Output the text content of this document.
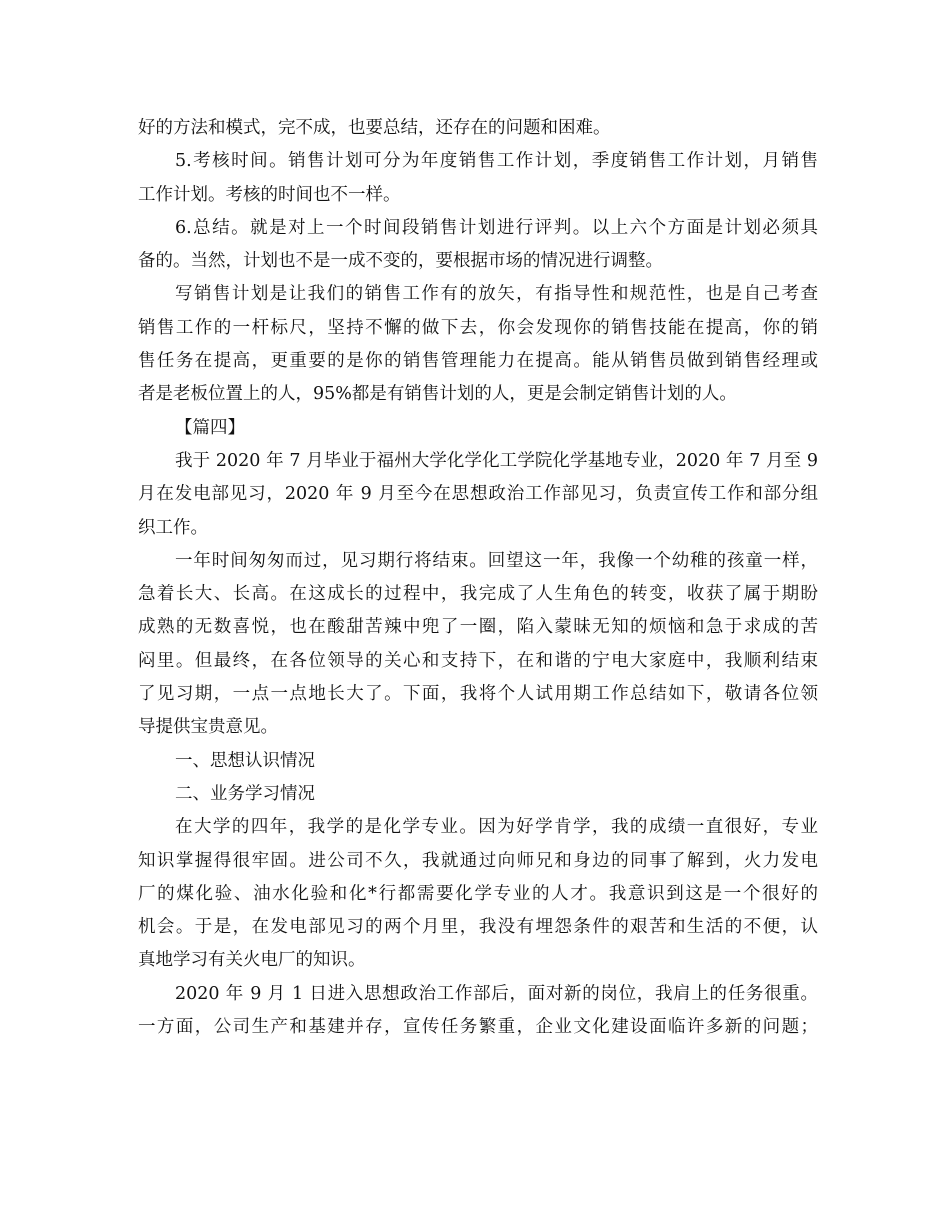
好的方法和模式，完不成，也要总结，还存在的问题和困难。
5.考核时间。销售计划可分为年度销售工作计划，季度销售工作计划，月销售
工作计划。考核的时间也不一样。
6.总结。就是对上一个时间段销售计划进行评判。以上六个方面是计划必须具
备的。当然，计划也不是一成不变的，要根据市场的情况进行调整。
写销售计划是让我们的销售工作有的放矢，有指导性和规范性，也是自己考查
销售工作的一杆标尺，坚持不懈的做下去，你会发现你的销售技能在提高，你的销
售任务在提高，更重要的是你的销售管理能力在提高。能从销售员做到销售经理或
者是老板位置上的人，95%都是有销售计划的人，更是会制定销售计划的人。
【篇四】
我于 2020 年 7 月毕业于福州大学化学化工学院化学基地专业，2020 年 7 月至 9
月在发电部见习，2020 年 9 月至今在思想政治工作部见习，负责宣传工作和部分组
织工作。
一年时间匆匆而过，见习期行将结束。回望这一年，我像一个幼稚的孩童一样，
急着长大、长高。在这成长的过程中，我完成了人生角色的转变，收获了属于期盼
成熟的无数喜悦，也在酸甜苦辣中兜了一圈，陷入蒙昧无知的烦恼和急于求成的苦
闷里。但最终，在各位领导的关心和支持下，在和谐的宁电大家庭中，我顺利结束
了见习期，一点一点地长大了。下面，我将个人试用期工作总结如下，敬请各位领
导提供宝贵意见。
一、思想认识情况
二、业务学习情况
在大学的四年，我学的是化学专业。因为好学肯学，我的成绩一直很好，专业
知识掌握得很牢固。进公司不久，我就通过向师兄和身边的同事了解到，火力发电
厂的煤化验、油水化验和化*行都需要化学专业的人才。我意识到这是一个很好的
机会。于是，在发电部见习的两个月里，我没有埋怨条件的艰苦和生活的不便，认
真地学习有关火电厂的知识。
2020 年 9 月 1 日进入思想政治工作部后，面对新的岗位，我肩上的任务很重。
一方面，公司生产和基建并存，宣传任务繁重，企业文化建设面临许多新的问题；
